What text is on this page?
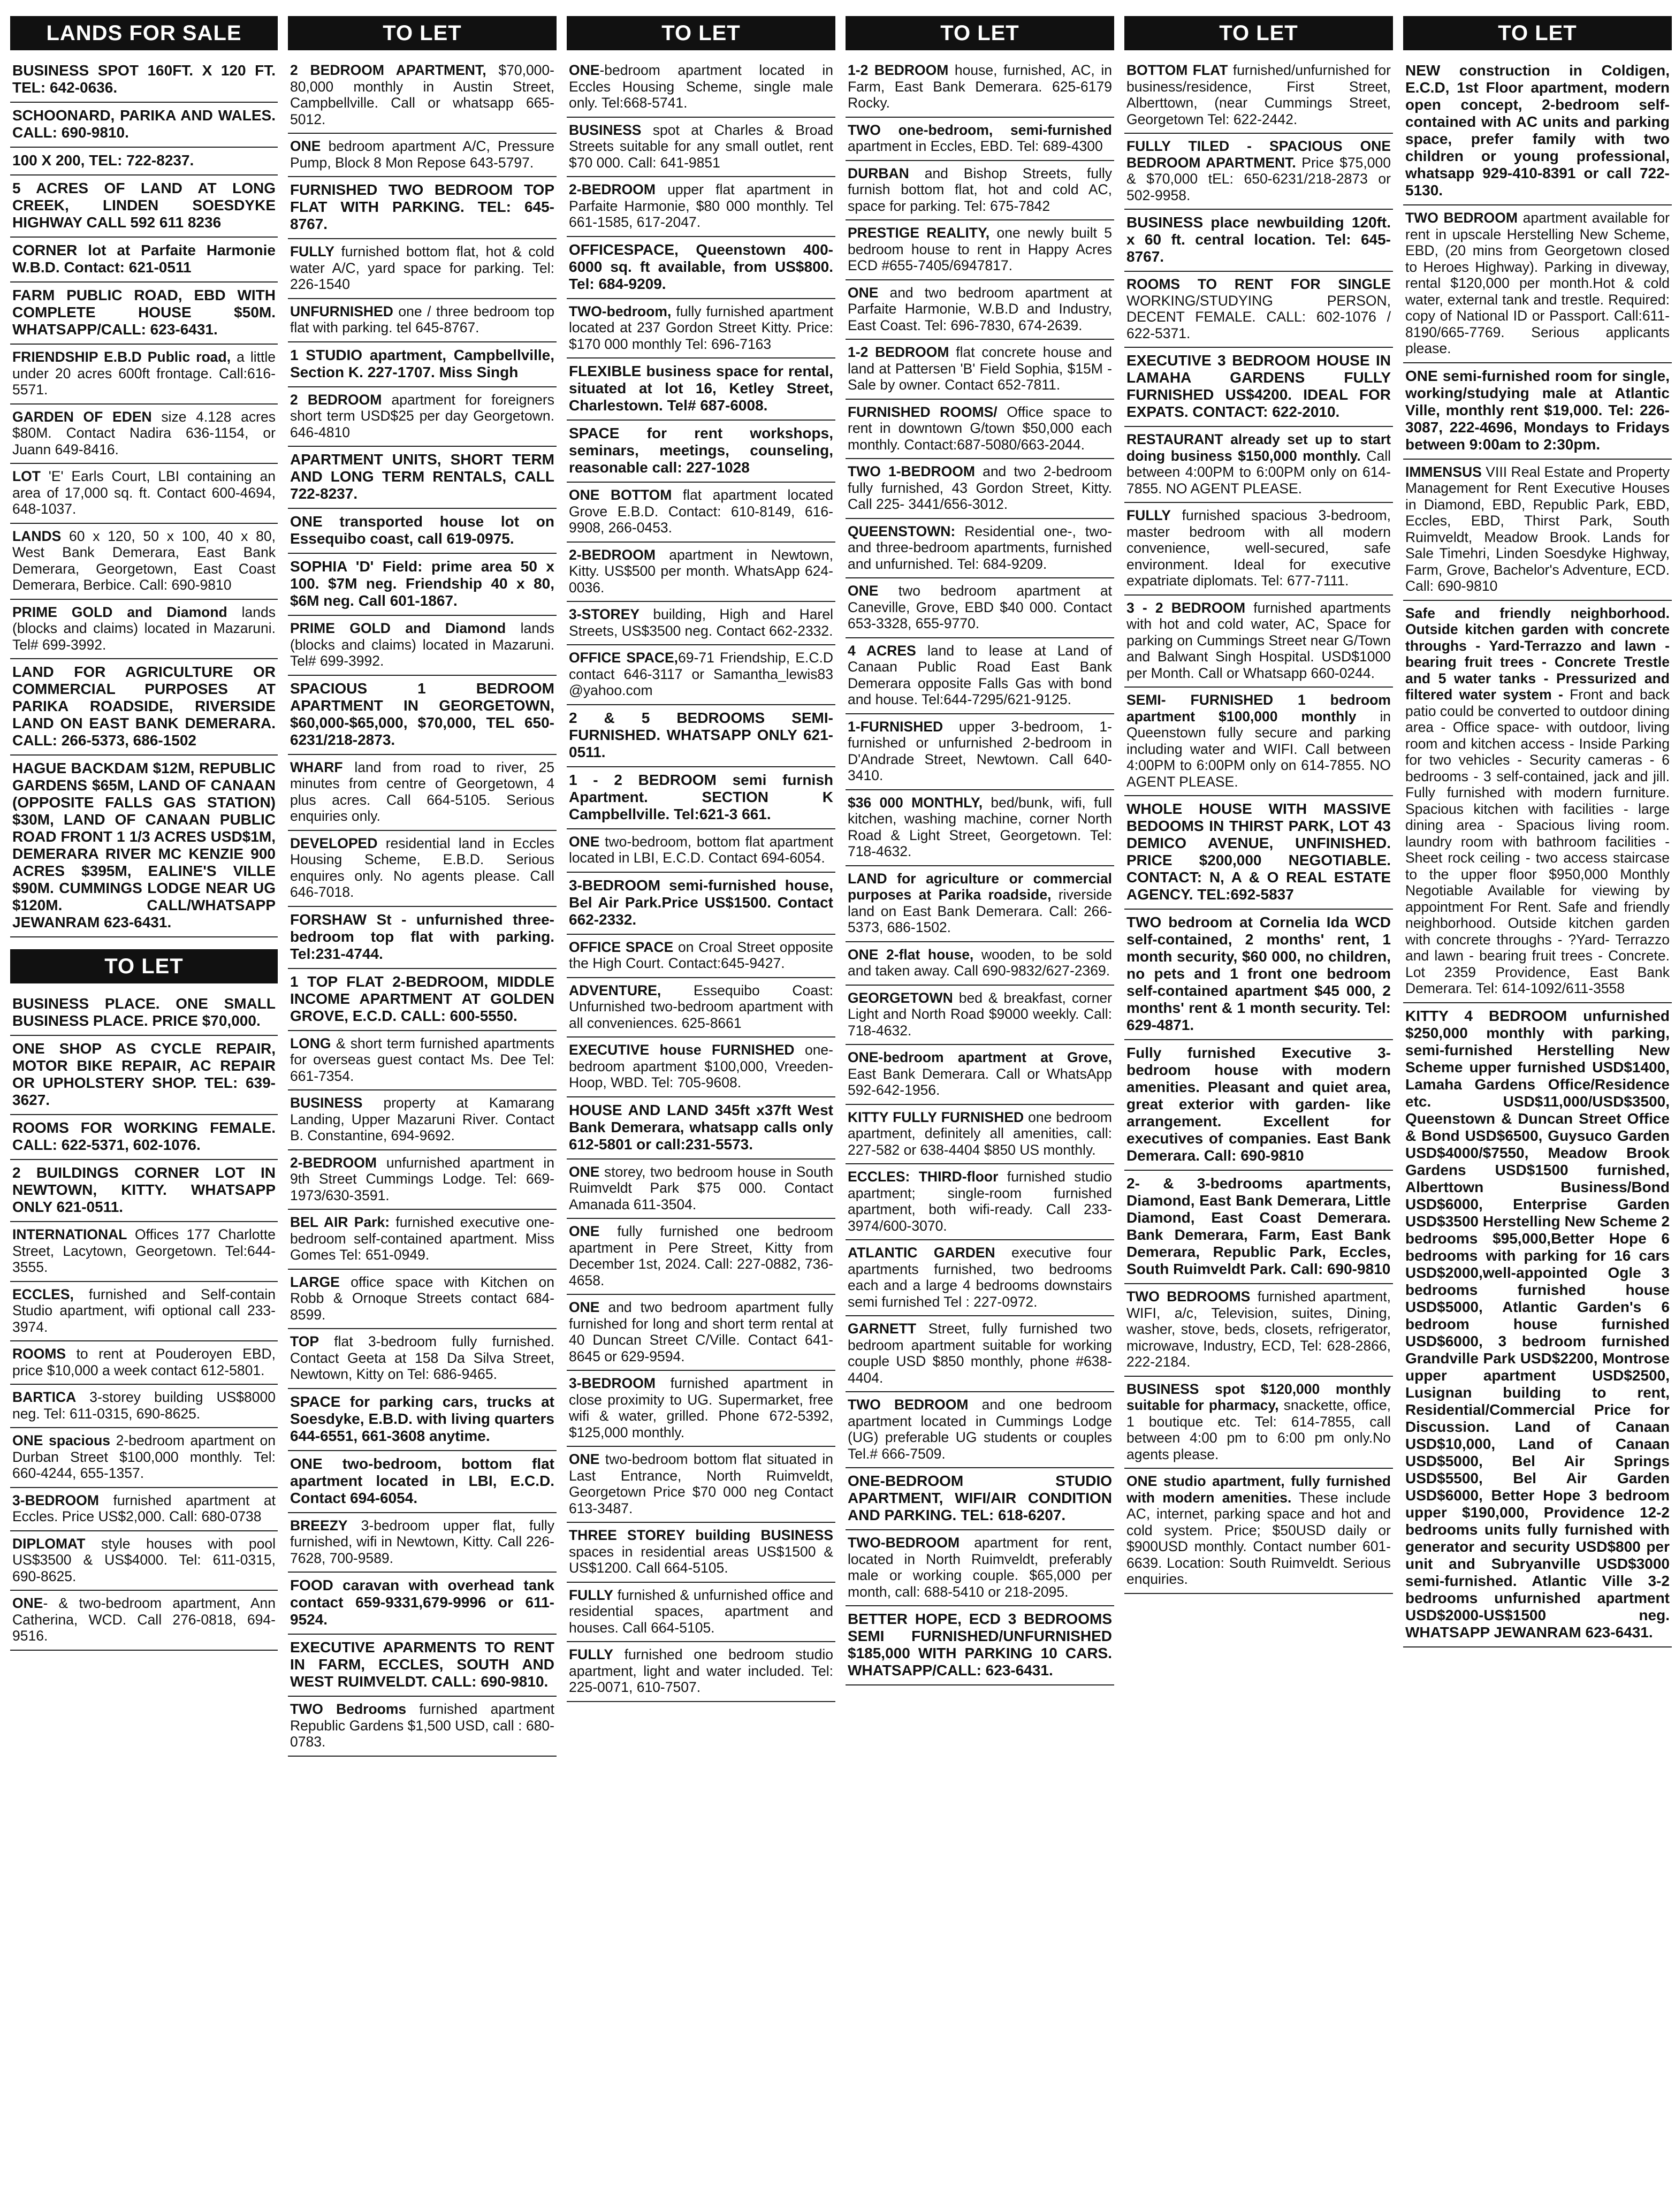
LANDS FOR SALE
BUSINESS SPOT 160FT. X 120 FT. TEL: 642-0636.
SCHOONARD, PARIKA AND WALES. CALL: 690-9810.
100 X 200, TEL: 722-8237.
5 ACRES OF LAND AT LONG CREEK, LINDEN SOESDYKE HIGHWAY CALL 592 611 8236
CORNER lot at Parfaite Harmonie W.B.D. Contact: 621-0511
FARM PUBLIC ROAD, EBD WITH COMPLETE HOUSE $50M. WHATSAPP/CALL: 623-6431.
FRIENDSHIP E.B.D Public road, a little under 20 acres 600ft frontage. Call:616-5571.
GARDEN OF EDEN size 4.128 acres $80M. Contact Nadira 636-1154, or Juann 649-8416.
LOT 'E' Earls Court, LBI containing an area of 17,000 sq. ft. Contact 600-4694, 648-1037.
LANDS 60 x 120, 50 x 100, 40 x 80, West Bank Demerara, East Bank Demerara, Georgetown, East Coast Demerara, Berbice. Call: 690-9810
PRIME GOLD and Diamond lands (blocks and claims) located in Mazaruni. Tel# 699-3992.
LAND FOR AGRICULTURE OR COMMERCIAL PURPOSES AT PARIKA ROADSIDE, RIVERSIDE LAND ON EAST BANK DEMERARA. CALL: 266-5373, 686-1502
HAGUE BACKDAM $12M, REPUBLIC GARDENS $65M, LAND OF CANAAN (OPPOSITE FALLS GAS STATION) $30M, LAND OF CANAAN PUBLIC ROAD FRONT 1 1/3 ACRES USD$1M, DEMERARA RIVER MC KENZIE 900 ACRES $395M, EALINE'S VILLE $90M. CUMMINGS LODGE NEAR UG $120M. CALL/WHATSAPP JEWANRAM 623-6431.
TO LET
BUSINESS PLACE. ONE SMALL BUSINESS PLACE. PRICE $70,000.
ONE SHOP AS CYCLE REPAIR, MOTOR BIKE REPAIR, AC REPAIR OR UPHOLSTERY SHOP. TEL: 639-3627.
ROOMS FOR WORKING FEMALE. CALL: 622-5371, 602-1076.
2 BUILDINGS CORNER LOT IN NEWTOWN, KITTY. WHATSAPP ONLY 621-0511.
INTERNATIONAL Offices 177 Charlotte Street, Lacytown, Georgetown. Tel:644-3555.
ECCLES, furnished and Self-contain Studio apartment, wifi optional call 233-3974.
ROOMS to rent at Pouderoyen EBD, price $10,000 a week contact 612-5801.
BARTICA 3-storey building US$8000 neg. Tel: 611-0315, 690-8625.
ONE spacious 2-bedroom apartment on Durban Street $100,000 monthly. Tel: 660-4244, 655-1357.
3-BEDROOM furnished apartment at Eccles. Price US$2,000. Call: 680-0738
DIPLOMAT style houses with pool US$3500 & US$4000. Tel: 611-0315, 690-8625.
ONE- & two-bedroom apartment, Ann Catherina, WCD. Call 276-0818, 694-9516.
TO LET
2 BEDROOM APARTMENT, $70,000-80,000 monthly in Austin Street, Campbellville. Call or whatsapp 665-5012.
ONE bedroom apartment A/C, Pressure Pump, Block 8 Mon Repose 643-5797.
FURNISHED TWO BEDROOM TOP FLAT WITH PARKING. TEL: 645-8767.
FULLY furnished bottom flat, hot & cold water A/C, yard space for parking. Tel: 226-1540
UNFURNISHED one / three bedroom top flat with parking. tel 645-8767.
1 STUDIO apartment, Campbellville, Section K. 227-1707. Miss Singh
2 BEDROOM apartment for foreigners short term USD$25 per day Georgetown. 646-4810
APARTMENT UNITS, SHORT TERM AND LONG TERM RENTALS, CALL 722-8237.
ONE transported house lot on Essequibo coast, call 619-0975.
SOPHIA 'D' Field: prime area 50 x 100. $7M neg. Friendship 40 x 80, $6M neg. Call 601-1867.
PRIME GOLD and Diamond lands (blocks and claims) located in Mazaruni. Tel# 699-3992.
SPACIOUS 1 BEDROOM APARTMENT IN GEORGETOWN, $60,000-$65,000, $70,000, TEL 650-6231/218-2873.
WHARF land from road to river, 25 minutes from centre of Georgetown, 4 plus acres. Call 664-5105. Serious enquiries only.
DEVELOPED residential land in Eccles Housing Scheme, E.B.D. Serious enquires only. No agents please. Call 646-7018.
FORSHAW St - unfurnished three-bedroom top flat with parking. Tel:231-4744.
1 TOP FLAT 2-BEDROOM, MIDDLE INCOME APARTMENT AT GOLDEN GROVE, E.C.D. CALL: 600-5550.
LONG & short term furnished apartments for overseas guest contact Ms. Dee Tel: 661-7354.
BUSINESS property at Kamarang Landing, Upper Mazaruni River. Contact B. Constantine, 694-9692.
2-BEDROOM unfurnished apartment in 9th Street Cummings Lodge. Tel: 669-1973/630-3591.
BEL AIR Park: furnished executive one-bedroom self-contained apartment. Miss Gomes Tel: 651-0949.
LARGE office space with Kitchen on Robb & Ornoque Streets contact 684-8599.
TOP flat 3-bedroom fully furnished. Contact Geeta at 158 Da Silva Street, Newtown, Kitty on Tel: 686-9465.
SPACE for parking cars, trucks at Soesdyke, E.B.D. with living quarters 644-6551, 661-3608 anytime.
ONE two-bedroom, bottom flat apartment located in LBI, E.C.D. Contact 694-6054.
BREEZY 3-bedroom upper flat, fully furnished, wifi in Newtown, Kitty. Call 226-7628, 700-9589.
FOOD caravan with overhead tank contact 659-9331,679-9996 or 611-9524.
EXECUTIVE APARMENTS TO RENT IN FARM, ECCLES, SOUTH AND WEST RUIMVELDT. CALL: 690-9810.
TWO Bedrooms furnished apartment Republic Gardens $1,500 USD, call : 680-0783.
TO LET
ONE-bedroom apartment located in Eccles Housing Scheme, single male only. Tel:668-5741.
BUSINESS spot at Charles & Broad Streets suitable for any small outlet, rent $70 000. Call: 641-9851
2-BEDROOM upper flat apartment in Parfaite Harmonie, $80 000 monthly. Tel 661-1585, 617-2047.
OFFICESPACE, Queenstown 400-6000 sq. ft available, from US$800. Tel: 684-9209.
TWO-bedroom, fully furnished apartment located at 237 Gordon Street Kitty. Price: $170 000 monthly Tel: 696-7163
FLEXIBLE business space for rental, situated at lot 16, Ketley Street, Charlestown. Tel# 687-6008.
SPACE for rent workshops, seminars, meetings, counseling, reasonable call: 227-1028
ONE BOTTOM flat apartment located Grove E.B.D. Contact: 610-8149, 616-9908, 266-0453.
2-BEDROOM apartment in Newtown, Kitty. US$500 per month. WhatsApp 624-0036.
3-STOREY building, High and Harel Streets, US$3500 neg. Contact 662-2332.
OFFICE SPACE,69-71 Friendship, E.C.D contact 646-3117 or Samantha_lewis83 @yahoo.com
2 & 5 BEDROOMS SEMI-FURNISHED. WHATSAPP ONLY 621-0511.
1 - 2 BEDROOM semi furnish Apartment. SECTION K Campbellville. Tel:621-3 661.
ONE two-bedroom, bottom flat apartment located in LBI, E.C.D. Contact 694-6054.
3-BEDROOM semi-furnished house, Bel Air Park.Price US$1500. Contact 662-2332.
OFFICE SPACE on Croal Street opposite the High Court. Contact:645-9427.
ADVENTURE, Essequibo Coast: Unfurnished two-bedroom apartment with all conveniences. 625-8661
EXECUTIVE house FURNISHED one-bedroom apartment $100,000, Vreeden-Hoop, WBD. Tel: 705-9608.
HOUSE AND LAND 345ft x37ft West Bank Demerara, whatsapp calls only 612-5801 or call:231-5573.
ONE storey, two bedroom house in South Ruimveldt Park $75 000. Contact Amanada 611-3504.
ONE fully furnished one bedroom apartment in Pere Street, Kitty from December 1st, 2024. Call: 227-0882, 736-4658.
ONE and two bedroom apartment fully furnished for long and short term rental at 40 Duncan Street C/Ville. Contact 641-8645 or 629-9594.
3-BEDROOM furnished apartment in close proximity to UG. Supermarket, free wifi & water, grilled. Phone 672-5392, $125,000 monthly.
ONE two-bedroom bottom flat situated in Last Entrance, North Ruimveldt, Georgetown Price $70 000 neg Contact 613-3487.
THREE STOREY building BUSINESS spaces in residential areas US$1500 & US$1200. Call 664-5105.
FULLY furnished & unfurnished office and residential spaces, apartment and houses. Call 664-5105.
FULLY furnished one bedroom studio apartment, light and water included. Tel: 225-0071, 610-7507.
TO LET
1-2 BEDROOM house, furnished, AC, in Farm, East Bank Demerara. 625-6179 Rocky.
TWO one-bedroom, semi-furnished apartment in Eccles, EBD. Tel: 689-4300
DURBAN and Bishop Streets, fully furnish bottom flat, hot and cold AC, space for parking. Tel: 675-7842
PRESTIGE REALITY, one newly built 5 bedroom house to rent in Happy Acres ECD #655-7405/6947817.
ONE and two bedroom apartment at Parfaite Harmonie, W.B.D and Industry, East Coast. Tel: 696-7830, 674-2639.
1-2 BEDROOM flat concrete house and land at Pattersen 'B' Field Sophia, $15M - Sale by owner. Contact 652-7811.
FURNISHED ROOMS/ Office space to rent in downtown G/town $50,000 each monthly. Contact:687-5080/663-2044.
TWO 1-BEDROOM and two 2-bedroom fully furnished, 43 Gordon Street, Kitty. Call 225- 3441/656-3012.
QUEENSTOWN: Residential one-, two- and three-bedroom apartments, furnished and unfurnished. Tel: 684-9209.
ONE two bedroom apartment at Caneville, Grove, EBD $40 000. Contact 653-3328, 655-9770.
4 ACRES land to lease at Land of Canaan Public Road East Bank Demerara opposite Falls Gas with bond and house. Tel:644-7295/621-9125.
1-FURNISHED upper 3-bedroom, 1-furnished or unfurnished 2-bedroom in D'Andrade Street, Newtown. Call 640-3410.
$36 000 MONTHLY, bed/bunk, wifi, full kitchen, washing machine, corner North Road & Light Street, Georgetown. Tel: 718-4632.
LAND for agriculture or commercial purposes at Parika roadside, riverside land on East Bank Demerara. Call: 266-5373, 686-1502.
ONE 2-flat house, wooden, to be sold and taken away. Call 690-9832/627-2369.
GEORGETOWN bed & breakfast, corner Light and North Road $9000 weekly. Call: 718-4632.
ONE-bedroom apartment at Grove, East Bank Demerara. Call or WhatsApp 592-642-1956.
KITTY FULLY FURNISHED one bedroom apartment, definitely all amenities, call: 227-582 or 638-4404 $850 US monthly.
ECCLES: THIRD-floor furnished studio apartment; single-room furnished apartment, both wifi-ready. Call 233-3974/600-3070.
ATLANTIC GARDEN executive four apartments furnished, two bedrooms each and a large 4 bedrooms downstairs semi furnished Tel : 227-0972.
GARNETT Street, fully furnished two bedroom apartment suitable for working couple USD $850 monthly, phone #638-4404.
TWO BEDROOM and one bedroom apartment located in Cummings Lodge (UG) preferable UG students or couples Tel.# 666-7509.
ONE-BEDROOM STUDIO APARTMENT, WIFI/AIR CONDITION AND PARKING. TEL: 618-6207.
TWO-BEDROOM apartment for rent, located in North Ruimveldt, preferably male or working couple. $65,000 per month, call: 688-5410 or 218-2095.
BETTER HOPE, ECD 3 BEDROOMS SEMI FURNISHED/UNFURNISHED $185,000 WITH PARKING 10 CARS. WHATSAPP/CALL: 623-6431.
TO LET
BOTTOM FLAT furnished/unfurnished for business/residence, First Street, Alberttown, (near Cummings Street, Georgetown Tel: 622-2442.
FULLY TILED - SPACIOUS ONE BEDROOM APARTMENT. Price $75,000 & $70,000 tEL: 650-6231/218-2873 or 502-9958.
BUSINESS place newbuilding 120ft. x 60 ft. central location. Tel: 645-8767.
ROOMS TO RENT FOR SINGLE WORKING/STUDYING PERSON, DECENT FEMALE. CALL: 602-1076 / 622-5371.
EXECUTIVE 3 BEDROOM HOUSE IN LAMAHA GARDENS FULLY FURNISHED US$4200. IDEAL FOR EXPATS. CONTACT: 622-2010.
RESTAURANT already set up to start doing business $150,000 monthly. Call between 4:00PM to 6:00PM only on 614-7855. NO AGENT PLEASE.
FULLY furnished spacious 3-bedroom, master bedroom with all modern convenience, well-secured, safe environment. Ideal for executive expatriate diplomats. Tel: 677-7111.
3 - 2 BEDROOM furnished apartments with hot and cold water, AC, Space for parking on Cummings Street near G/Town and Balwant Singh Hospital. USD$1000 per Month. Call or Whatsapp 660-0244.
SEMI- FURNISHED 1 bedroom apartment $100,000 monthly in Queenstown fully secure and parking including water and WIFI. Call between 4:00PM to 6:00PM only on 614-7855. NO AGENT PLEASE.
WHOLE HOUSE WITH MASSIVE BEDOOMS IN THIRST PARK, LOT 43 DEMICO AVENUE, UNFINISHED. PRICE $200,000 NEGOTIABLE. CONTACT: N, A & O REAL ESTATE AGENCY. TEL:692-5837
TWO bedroom at Cornelia Ida WCD self-contained, 2 months' rent, 1 month security, $60 000, no children, no pets and 1 front one bedroom self-contained apartment $45 000, 2 months' rent & 1 month security. Tel: 629-4871.
Fully furnished Executive 3- bedroom house with modern amenities. Pleasant and quiet area, great exterior with garden- like arrangement. Excellent for executives of companies. East Bank Demerara. Call: 690-9810
2- & 3-bedrooms apartments, Diamond, East Bank Demerara, Little Diamond, East Coast Demerara. Bank Demerara, Farm, East Bank Demerara, Republic Park, Eccles, South Ruimveldt Park. Call: 690-9810
TWO BEDROOMS furnished apartment, WIFI, a/c, Television, suites, Dining, washer, stove, beds, closets, refrigerator, microwave, Industry, ECD, Tel: 628-2866, 222-2184.
BUSINESS spot $120,000 monthly suitable for pharmacy, snackette, office, 1 boutique etc. Tel: 614-7855, call between 4:00 pm to 6:00 pm only.No agents please.
ONE studio apartment, fully furnished with modern amenities. These include AC, internet, parking space and hot and cold system. Price; $50USD daily or $900USD monthly. Contact number 601-6639. Location: South Ruimveldt. Serious enquiries.
TO LET
NEW construction in Coldigen, E.C.D, 1st Floor apartment, modern open concept, 2-bedroom self-contained with AC units and parking space, prefer family with two children or young professional, whatsapp 929-410-8391 or call 722-5130.
TWO BEDROOM apartment available for rent in upscale Herstelling New Scheme, EBD, (20 mins from Georgetown closed to Heroes Highway). Parking in diveway, rental $120,000 per month.Hot & cold water, external tank and trestle. Required: copy of National ID or Passport. Call:611-8190/665-7769. Serious applicants please.
ONE semi-furnished room for single, working/studying male at Atlantic Ville, monthly rent $19,000. Tel: 226-3087, 222-4696, Mondays to Fridays between 9:00am to 2:30pm.
IMMENSUS VIII Real Estate and Property Management for Rent Executive Houses in Diamond, EBD, Republic Park, EBD, Eccles, EBD, Thirst Park, South Ruimveldt, Meadow Brook. Lands for Sale Timehri, Linden Soesdyke Highway, Farm, Grove, Bachelor's Adventure, ECD. Call: 690-9810
Safe and friendly neighborhood. Outside kitchen garden with concrete throughs - Yard-Terrazzo and lawn - bearing fruit trees - Concrete Trestle and 5 water tanks - Pressurized and filtered water system - Front and back patio could be converted to outdoor dining area - Office space- with outdoor, living room and kitchen access - Inside Parking for two vehicles - Security cameras - 6 bedrooms - 3 self-contained, jack and jill. Fully furnished with modern furniture. Spacious kitchen with facilities - large dining area - Spacious living room. laundry room with bathroom facilities - Sheet rock ceiling - two access staircase to the upper floor $950,000 Monthly Negotiable Available for viewing by appointment For Rent. Safe and friendly neighborhood. Outside kitchen garden with concrete throughs - ?Yard- Terrazzo and lawn - bearing fruit trees - Concrete. Lot 2359 Providence, East Bank Demerara. Tel: 614-1092/611-3558
KITTY 4 BEDROOM unfurnished $250,000 monthly with parking, semi-furnished Herstelling New Scheme upper furnished USD$1400, Lamaha Gardens Office/Residence etc. USD$11,000/USD$3500, Queenstown & Duncan Street Office & Bond USD$6500, Guysuco Garden USD$4000/$7550, Meadow Brook Gardens USD$1500 furnished, Alberttown Business/Bond USD$6000, Enterprise Garden USD$3500 Herstelling New Scheme 2 bedrooms $95,000,Better Hope 6 bedrooms with parking for 16 cars USD$2000,well-appointed Ogle 3 bedrooms furnished house USD$5000, Atlantic Garden's 6 bedroom house furnished USD$6000, 3 bedroom furnished Grandville Park USD$2200, Montrose upper apartment USD$2500, Lusignan building to rent, Residential/Commercial Price for Discussion. Land of Canaan USD$10,000, Land of Canaan USD$5000, Bel Air Springs USD$5500, Bel Air Garden USD$6000, Better Hope 3 bedroom upper $190,000, Providence 12-2 bedrooms units fully furnished with generator and security USD$800 per unit and Subryanville USD$3000 semi-furnished. Atlantic Ville 3-2 bedrooms unfurnished apartment USD$2000-US$1500 neg. WHATSAPP JEWANRAM 623-6431.
